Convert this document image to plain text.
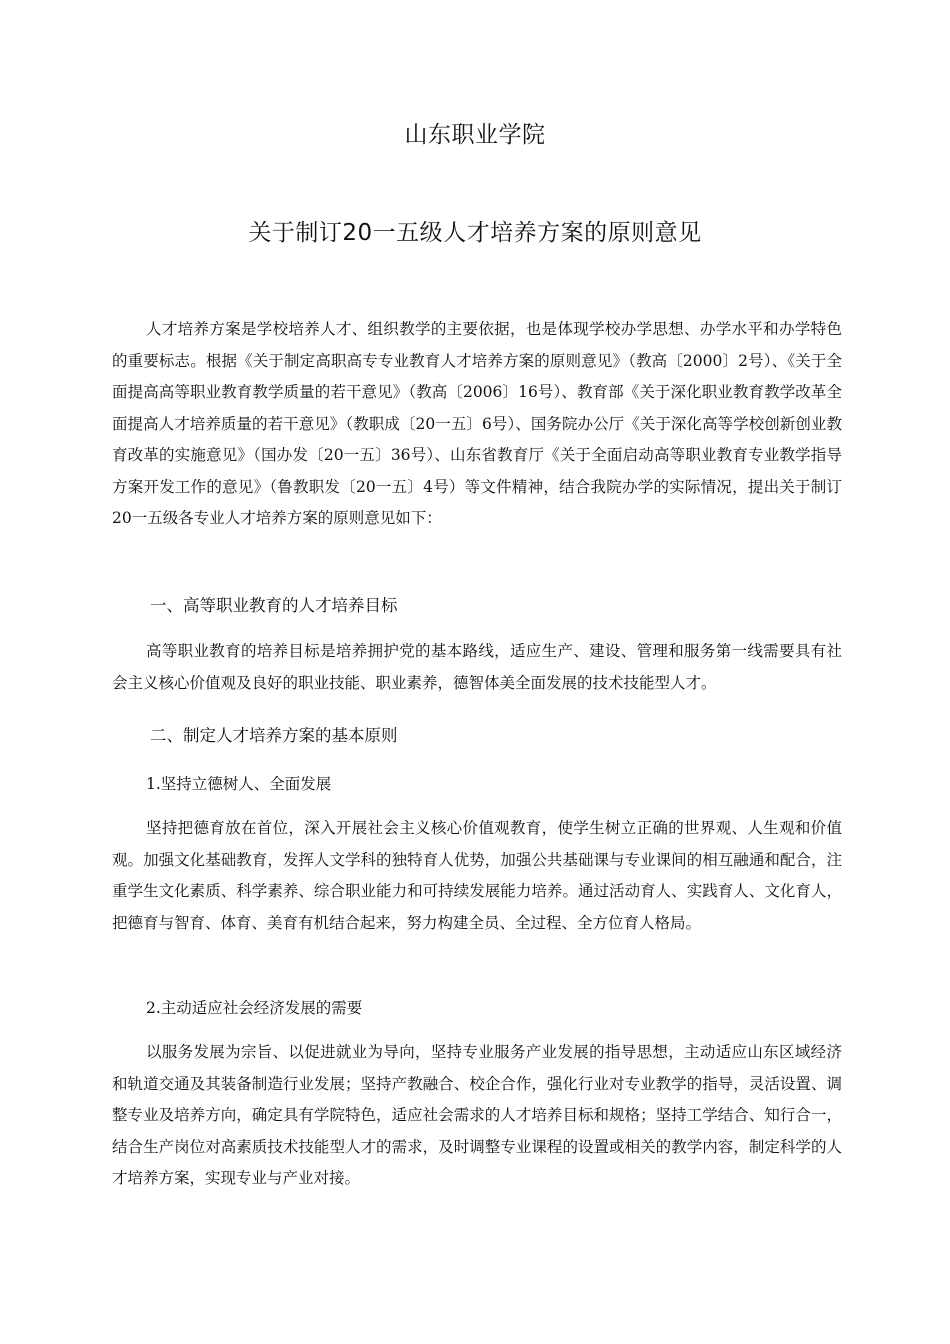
山东职业学院
关于制订20一五级人才培养方案的原则意见

人才培养方案是学校培养人才、组织教学的主要依据，也是体现学校办学思想、办学水平和办学特色的重要标志。根据《关于制定高职高专专业教育人才培养方案的原则意见》（教高〔2000〕2号）、《关于全面提高高等职业教育教学质量的若干意见》（教高〔2006〕16号）、教育部《关于深化职业教育教学改革全面提高人才培养质量的若干意见》（教职成〔20一五〕6号）、国务院办公厅《关于深化高等学校创新创业教育改革的实施意见》（国办发〔20一五〕36号）、山东省教育厅《关于全面启动高等职业教育专业教学指导方案开发工作的意见》（鲁教职发〔20一五〕4号）等文件精神，结合我院办学的实际情况，提出关于制订20一五级各专业人才培养方案的原则意见如下：

一、高等职业教育的人才培养目标

高等职业教育的培养目标是培养拥护党的基本路线，适应生产、建设、管理和服务第一线需要具有社会主义核心价值观及良好的职业技能、职业素养，德智体美全面发展的技术技能型人才。

二、制定人才培养方案的基本原则

1.坚持立德树人、全面发展

坚持把德育放在首位，深入开展社会主义核心价值观教育，使学生树立正确的世界观、人生观和价值观。加强文化基础教育，发挥人文学科的独特育人优势，加强公共基础课与专业课间的相互融通和配合，注重学生文化素质、科学素养、综合职业能力和可持续发展能力培养。通过活动育人、实践育人、文化育人，把德育与智育、体育、美育有机结合起来，努力构建全员、全过程、全方位育人格局。

2.主动适应社会经济发展的需要

以服务发展为宗旨、以促进就业为导向，坚持专业服务产业发展的指导思想，主动适应山东区域经济和轨道交通及其装备制造行业发展；坚持产教融合、校企合作，强化行业对专业教学的指导，灵活设置、调整专业及培养方向，确定具有学院特色，适应社会需求的人才培养目标和规格；坚持工学结合、知行合一，结合生产岗位对高素质技术技能型人才的需求，及时调整专业课程的设置或相关的教学内容，制定科学的人才培养方案，实现专业与产业对接。
